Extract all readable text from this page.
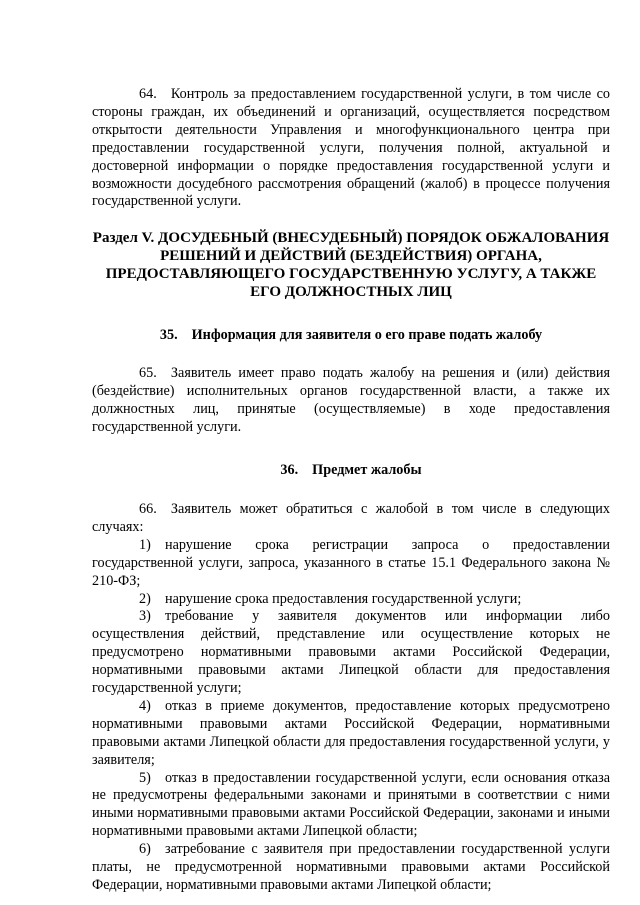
64. Контроль за предоставлением государственной услуги, в том числе со стороны граждан, их объединений и организаций, осуществляется посредством открытости деятельности Управления и многофункционального центра при предоставлении государственной услуги, получения полной, актуальной и достоверной информации о порядке предоставления государственной услуги и возможности досудебного рассмотрения обращений (жалоб) в процессе получения государственной услуги.

Раздел V. ДОСУДЕБНЫЙ (ВНЕСУДЕБНЫЙ) ПОРЯДОК ОБЖАЛОВАНИЯ РЕШЕНИЙ И ДЕЙСТВИЙ (БЕЗДЕЙСТВИЯ) ОРГАНА, ПРЕДОСТАВЛЯЮЩЕГО ГОСУДАРСТВЕННУЮ УСЛУГУ, А ТАКЖЕ ЕГО ДОЛЖНОСТНЫХ ЛИЦ
35. Информация для заявителя о его праве подать жалобу

65. Заявитель имеет право подать жалобу на решения и (или) действия (бездействие) исполнительных органов государственной власти, а также их должностных лиц, принятые (осуществляемые) в ходе предоставления государственной услуги.

36. Предмет жалобы

66. Заявитель может обратиться с жалобой в том числе в следующих случаях:

1) нарушение срока регистрации запроса о предоставлении государственной услуги, запроса, указанного в статье 15.1 Федерального закона № 210-ФЗ;

2) нарушение срока предоставления государственной услуги;

3) требование у заявителя документов или информации либо осуществления действий, представление или осуществление которых не предусмотрено нормативными правовыми актами Российской Федерации, нормативными правовыми актами Липецкой области для предоставления государственной услуги;

4) отказ в приеме документов, предоставление которых предусмотрено нормативными правовыми актами Российской Федерации, нормативными правовыми актами Липецкой области для предоставления государственной услуги, у заявителя;

5) отказ в предоставлении государственной услуги, если основания отказа не предусмотрены федеральными законами и принятыми в соответствии с ними иными нормативными правовыми актами Российской Федерации, законами и иными нормативными правовыми актами Липецкой области;

6) затребование с заявителя при предоставлении государственной услуги платы, не предусмотренной нормативными правовыми актами Российской Федерации, нормативными правовыми актами Липецкой области;
